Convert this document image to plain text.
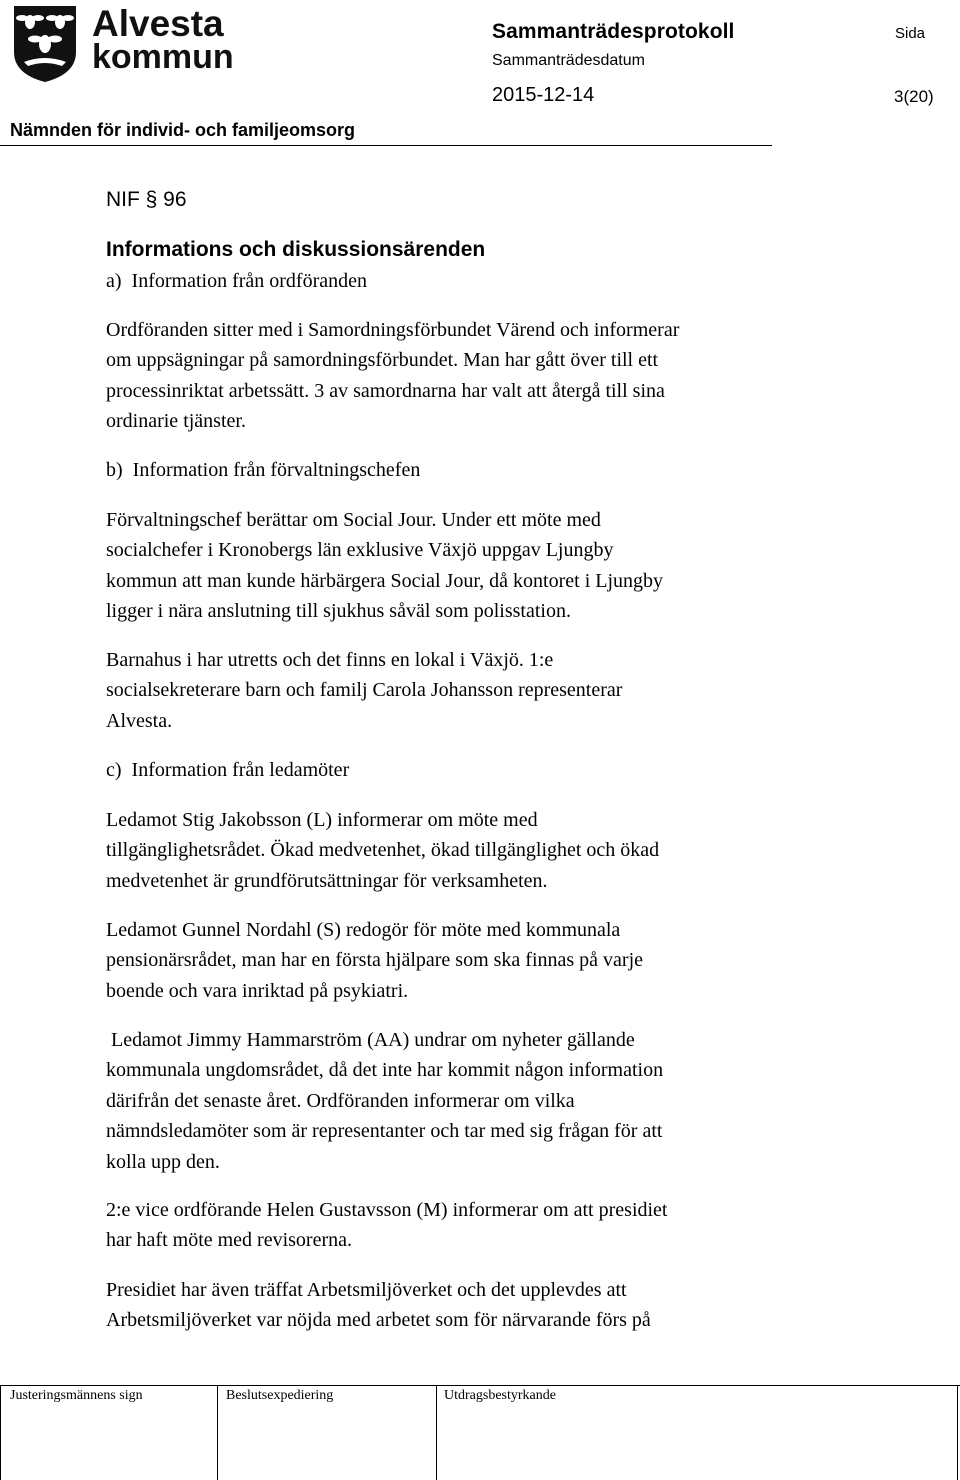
Alvesta
kommun
Sammanträdesprotokoll	Sida
Sammanträdesdatum
2015-12-14	3(20)
Nämnden för individ- och familjeomsorg
NIF § 96
Informations och diskussionsärenden
a)  Information från ordföranden
Ordföranden sitter med i Samordningsförbundet Värend och informerar
om uppsägningar på samordningsförbundet. Man har gått över till ett
processinriktat arbetssätt. 3 av samordnarna har valt att återgå till sina
ordinarie tjänster.
b)  Information från förvaltningschefen
Förvaltningschef berättar om Social Jour. Under ett möte med
socialchefer i Kronobergs län exklusive Växjö uppgav Ljungby
kommun att man kunde härbärgera Social Jour, då kontoret i Ljungby
ligger i nära anslutning till sjukhus såväl som polisstation.
Barnahus i har utretts och det finns en lokal i Växjö. 1:e
socialsekreterare barn och familj Carola Johansson representerar
Alvesta.
c)  Information från ledamöter
Ledamot Stig Jakobsson (L) informerar om möte med
tillgänglighetsrådet. Ökad medvetenhet, ökad tillgänglighet och ökad
medvetenhet är grundförutsättningar för verksamheten.
Ledamot Gunnel Nordahl (S) redogör för möte med kommunala
pensionärsrådet, man har en första hjälpare som ska finnas på varje
boende och vara inriktad på psykiatri.
Ledamot Jimmy Hammarström (AA) undrar om nyheter gällande
kommunala ungdomsrådet, då det inte har kommit någon information
därifrån det senaste året. Ordföranden informerar om vilka
nämndsledamöter som är representanter och tar med sig frågan för att
kolla upp den.
2:e vice ordförande Helen Gustavsson (M) informerar om att presidiet
har haft möte med revisorerna.
Presidiet har även träffat Arbetsmiljöverket och det upplevdes att
Arbetsmiljöverket var nöjda med arbetet som för närvarande förs på
Justeringsmännens sign	Beslutsexpediering	Utdragsbestyrkande
